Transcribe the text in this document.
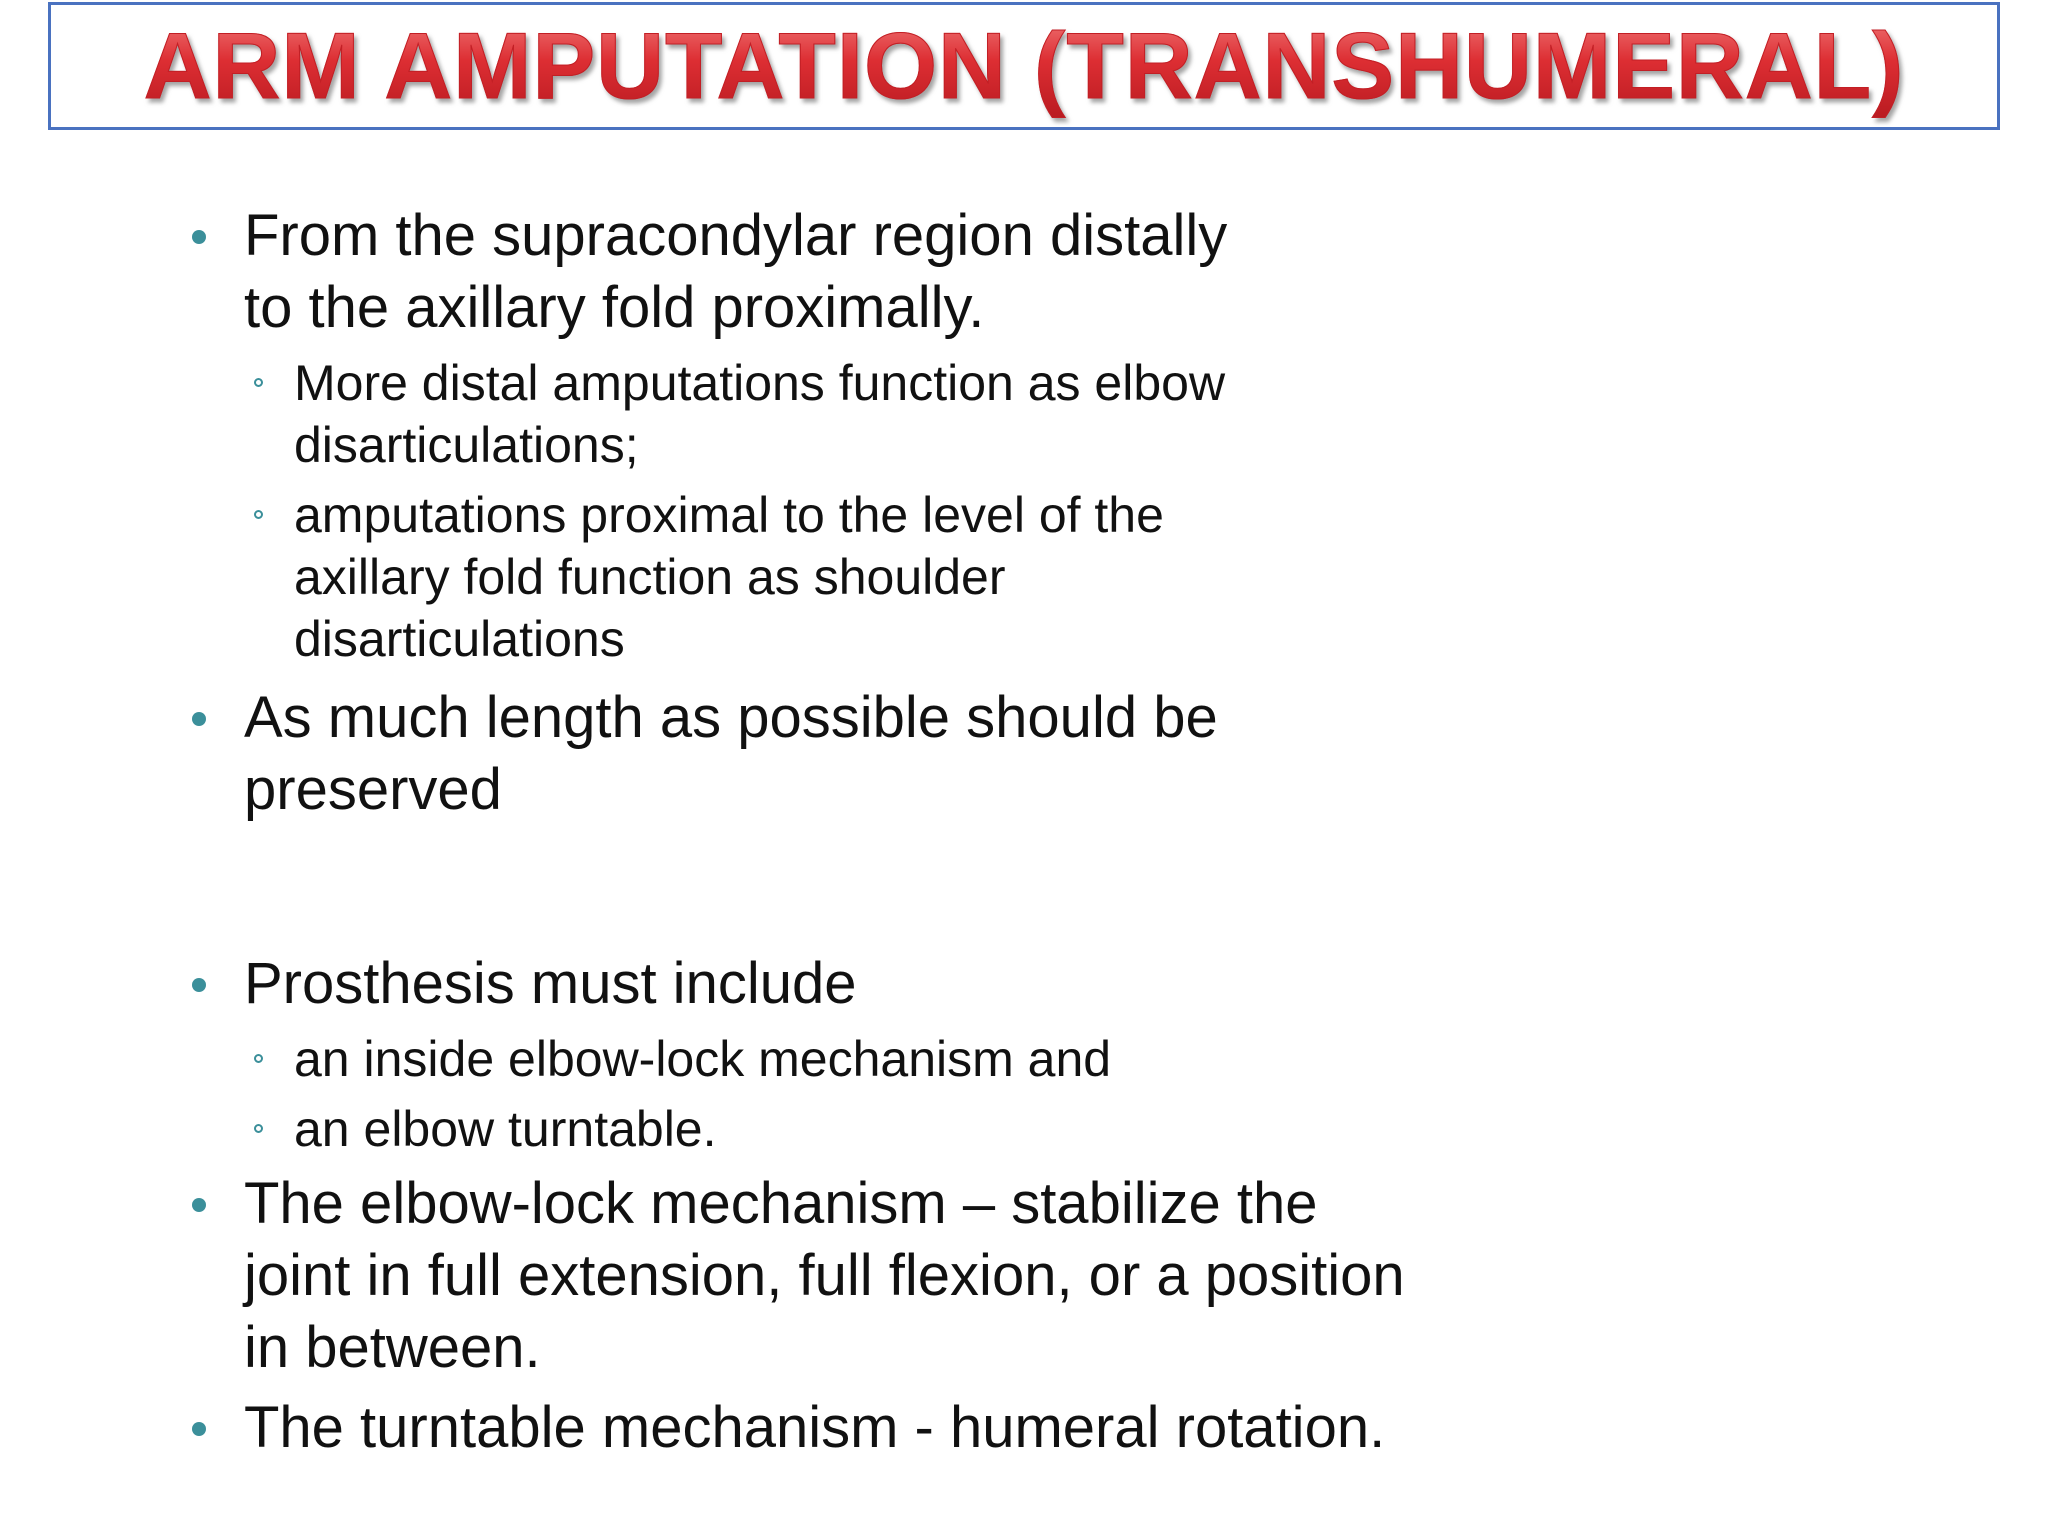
ARM AMPUTATION (TRANSHUMERAL)
From the supracondylar region distally
to the axillary fold proximally.
More distal amputations function as elbow
disarticulations;
amputations proximal to the level of the
axillary fold function as shoulder
disarticulations
As much length as possible should be
preserved
Prosthesis must include
an inside elbow-lock mechanism and
an elbow turntable.
The elbow-lock mechanism – stabilize the
joint in full extension, full flexion, or a position
in between.
The turntable mechanism - humeral rotation.
